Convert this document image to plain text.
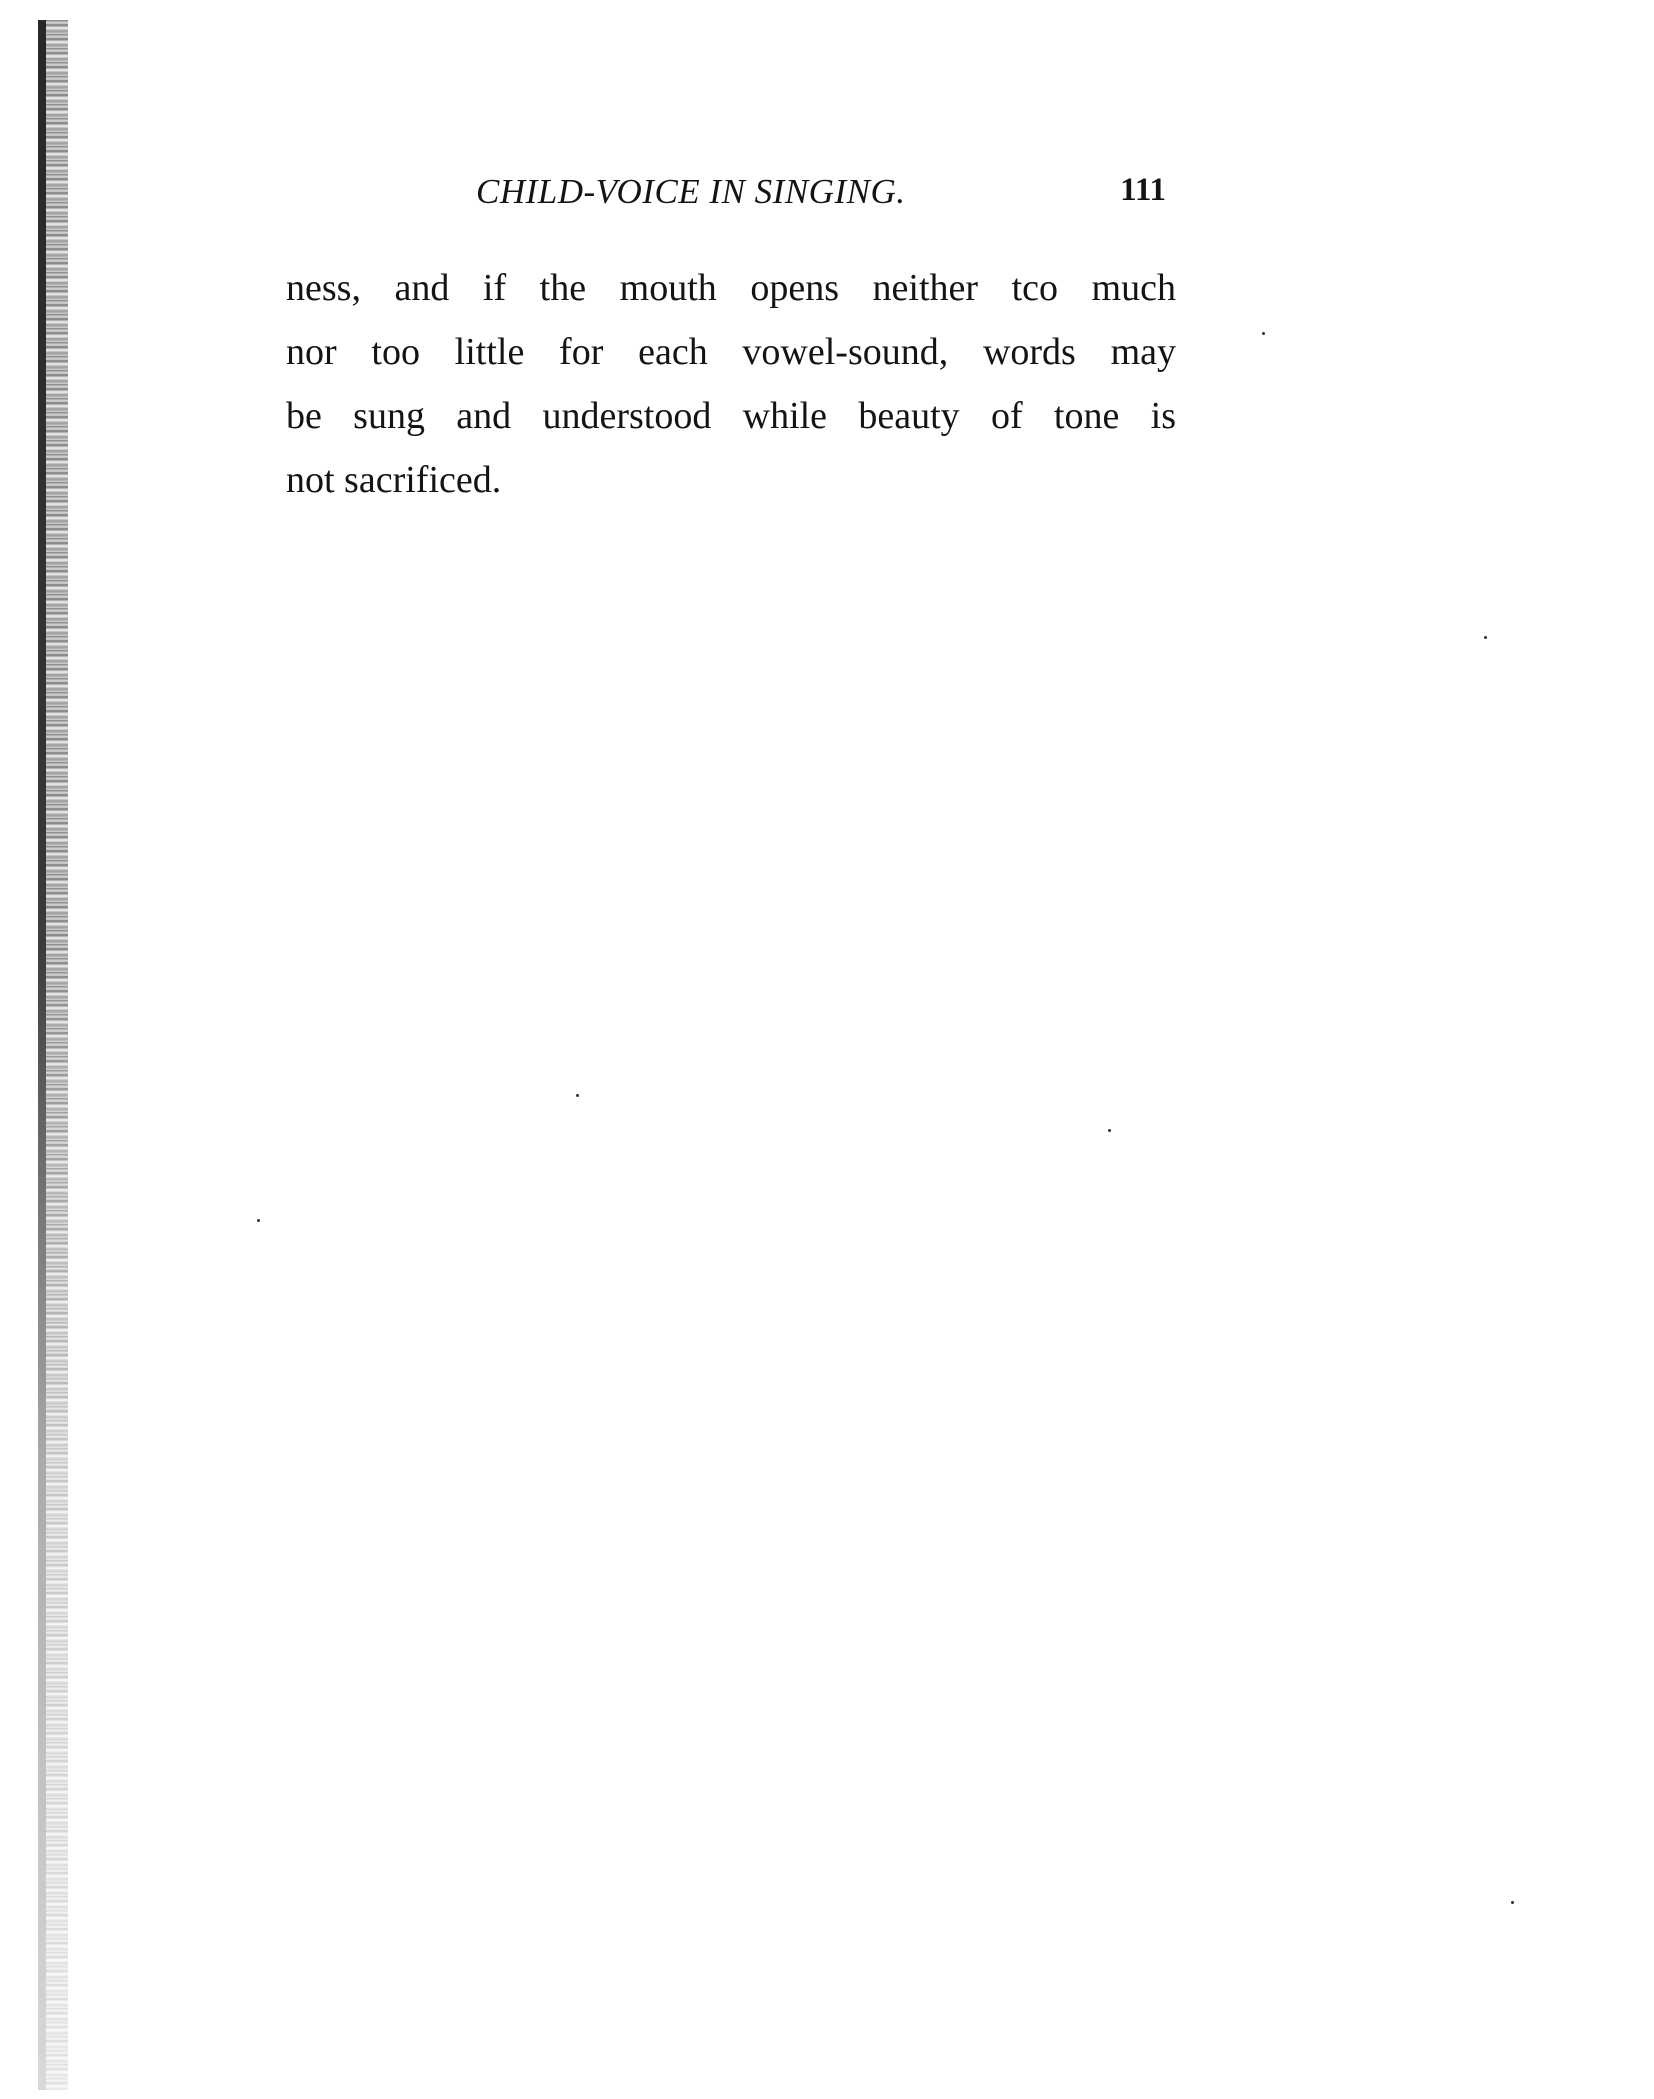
CHILD-VOICE IN SINGING.	111
ness, and if the mouth opens neither tco much
nor too little for each vowel-sound, words may
be sung and understood while beauty of tone is
not sacrificed.
